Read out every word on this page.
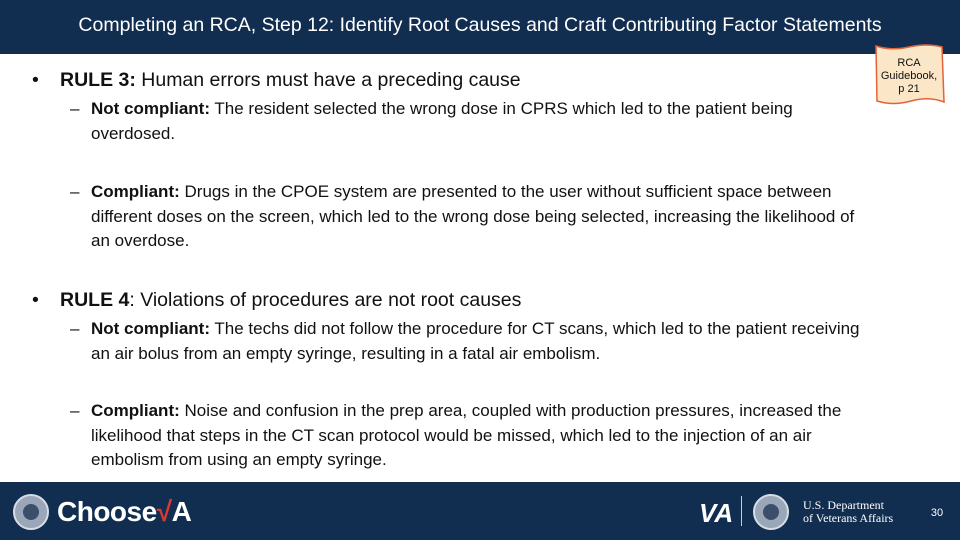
Completing an RCA, Step 12: Identify Root Causes and Craft Contributing Factor Statements
RCA
Guidebook,
p 21
• RULE 3: Human errors must have a preceding cause
– Not compliant: The resident selected the wrong dose in CPRS which led to the patient being overdosed.
– Compliant: Drugs in the CPOE system are presented to the user without sufficient space between different doses on the screen, which led to the wrong dose being selected, increasing the likelihood of an overdose.
• RULE 4: Violations of procedures are not root causes
– Not compliant: The techs did not follow the procedure for CT scans, which led to the patient receiving an air bolus from an empty syringe, resulting in a fatal air embolism.
– Compliant: Noise and confusion in the prep area, coupled with production pressures, increased the likelihood that steps in the CT scan protocol would be missed, which led to the injection of an air embolism from using an empty syringe.
Choose√A	VA	U.S. Department
of Veterans Affairs	30
